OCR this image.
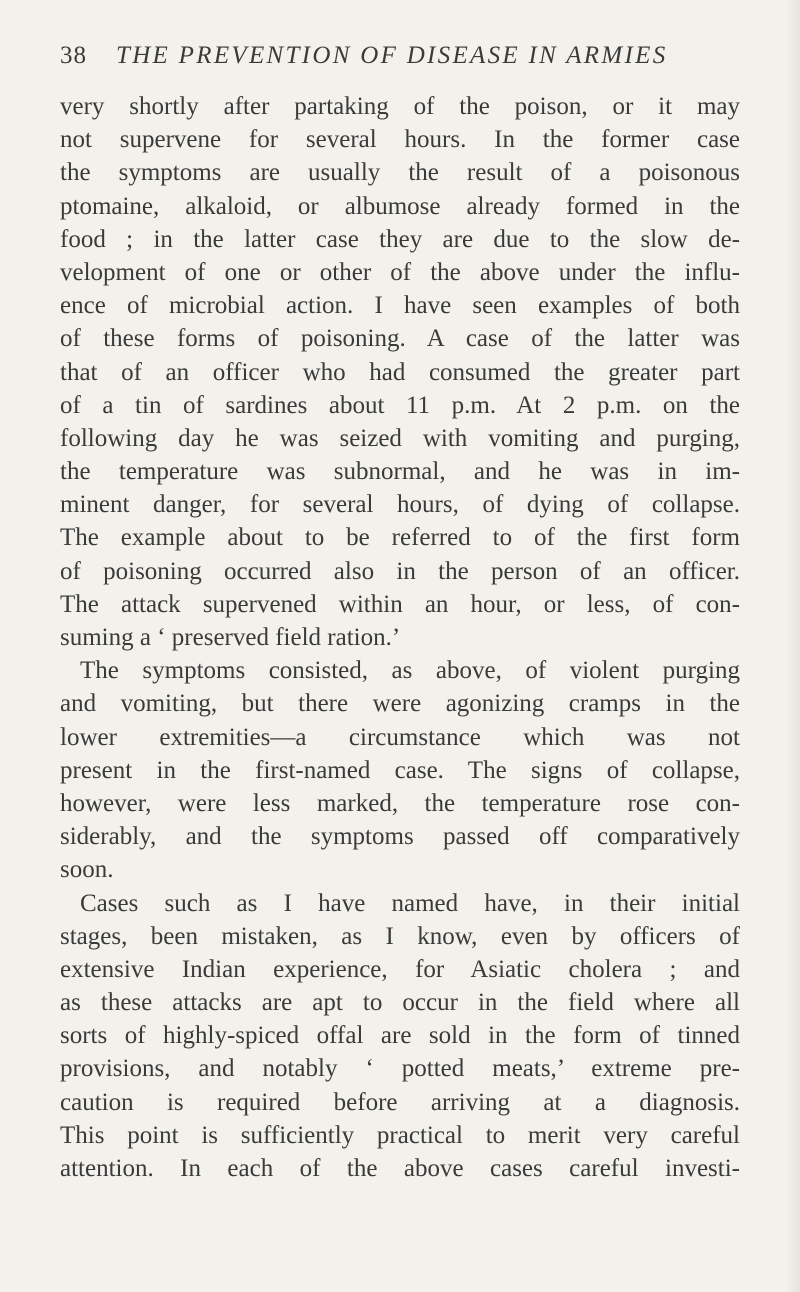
38 THE PREVENTION OF DISEASE IN ARMIES
very shortly after partaking of the poison, or it may
not supervene for several hours. In the former case
the symptoms are usually the result of a poisonous
ptomaine, alkaloid, or albumose already formed in the
food ; in the latter case they are due to the slow de-
velopment of one or other of the above under the influ-
ence of microbial action. I have seen examples of both
of these forms of poisoning. A case of the latter was
that of an officer who had consumed the greater part
of a tin of sardines about 11 p.m. At 2 p.m. on the
following day he was seized with vomiting and purging,
the temperature was subnormal, and he was in im-
minent danger, for several hours, of dying of collapse.
The example about to be referred to of the first form
of poisoning occurred also in the person of an officer.
The attack supervened within an hour, or less, of con-
suming a ‘ preserved field ration.’
The symptoms consisted, as above, of violent purging
and vomiting, but there were agonizing cramps in the
lower extremities—a circumstance which was not
present in the first-named case. The signs of collapse,
however, were less marked, the temperature rose con-
siderably, and the symptoms passed off comparatively
soon.
Cases such as I have named have, in their initial
stages, been mistaken, as I know, even by officers of
extensive Indian experience, for Asiatic cholera ; and
as these attacks are apt to occur in the field where all
sorts of highly-spiced offal are sold in the form of tinned
provisions, and notably ‘ potted meats,’ extreme pre-
caution is required before arriving at a diagnosis.
This point is sufficiently practical to merit very careful
attention. In each of the above cases careful investi-
